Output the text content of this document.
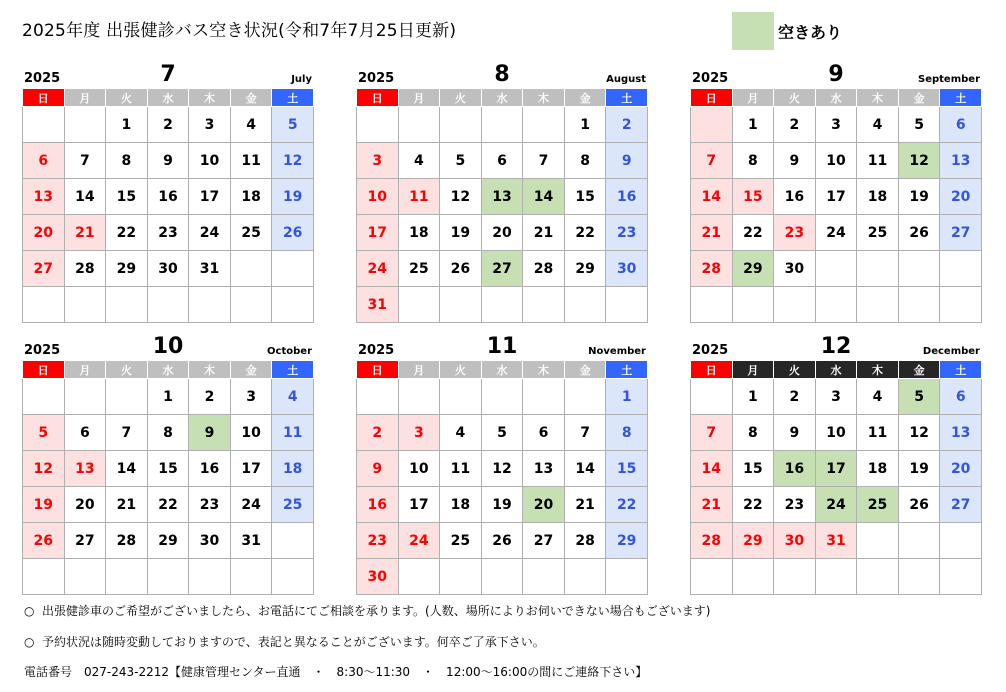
2025年度 出張健診バス空き状況(令和7年7月25日更新)	空きあり
2025	7	July
日	月	火	水	木	金	土
		1	2	3	4	5
6	7	8	9	10	11	12
13	14	15	16	17	18	19
20	21	22	23	24	25	26
27	28	29	30	31		

2025	8	August
日	月	火	水	木	金	土
					1	2
3	4	5	6	7	8	9
10	11	12	13	14	15	16
17	18	19	20	21	22	23
24	25	26	27	28	29	30
31						
2025	9	September
日	月	火	水	木	金	土
	1	2	3	4	5	6
7	8	9	10	11	12	13
14	15	16	17	18	19	20
21	22	23	24	25	26	27
28	29	30				

2025	10	October
日	月	火	水	木	金	土
			1	2	3	4
5	6	7	8	9	10	11
12	13	14	15	16	17	18
19	20	21	22	23	24	25
26	27	28	29	30	31	

2025	11	November
日	月	火	水	木	金	土
						1
2	3	4	5	6	7	8
9	10	11	12	13	14	15
16	17	18	19	20	21	22
23	24	25	26	27	28	29
30						
2025	12	December
日	月	火	水	木	金	土
	1	2	3	4	5	6
7	8	9	10	11	12	13
14	15	16	17	18	19	20
21	22	23	24	25	26	27
28	29	30	31			

○ 出張健診車のご希望がございましたら、お電話にてご相談を承ります。(人数、場所によりお伺いできない場合もございます)
○ 予約状況は随時変動しておりますので、表記と異なることがございます。何卒ご了承下さい。
電話番号　027-243-2212【健康管理センター直通　・　8:30～11:30　・　12:00～16:00の間にご連絡下さい】
